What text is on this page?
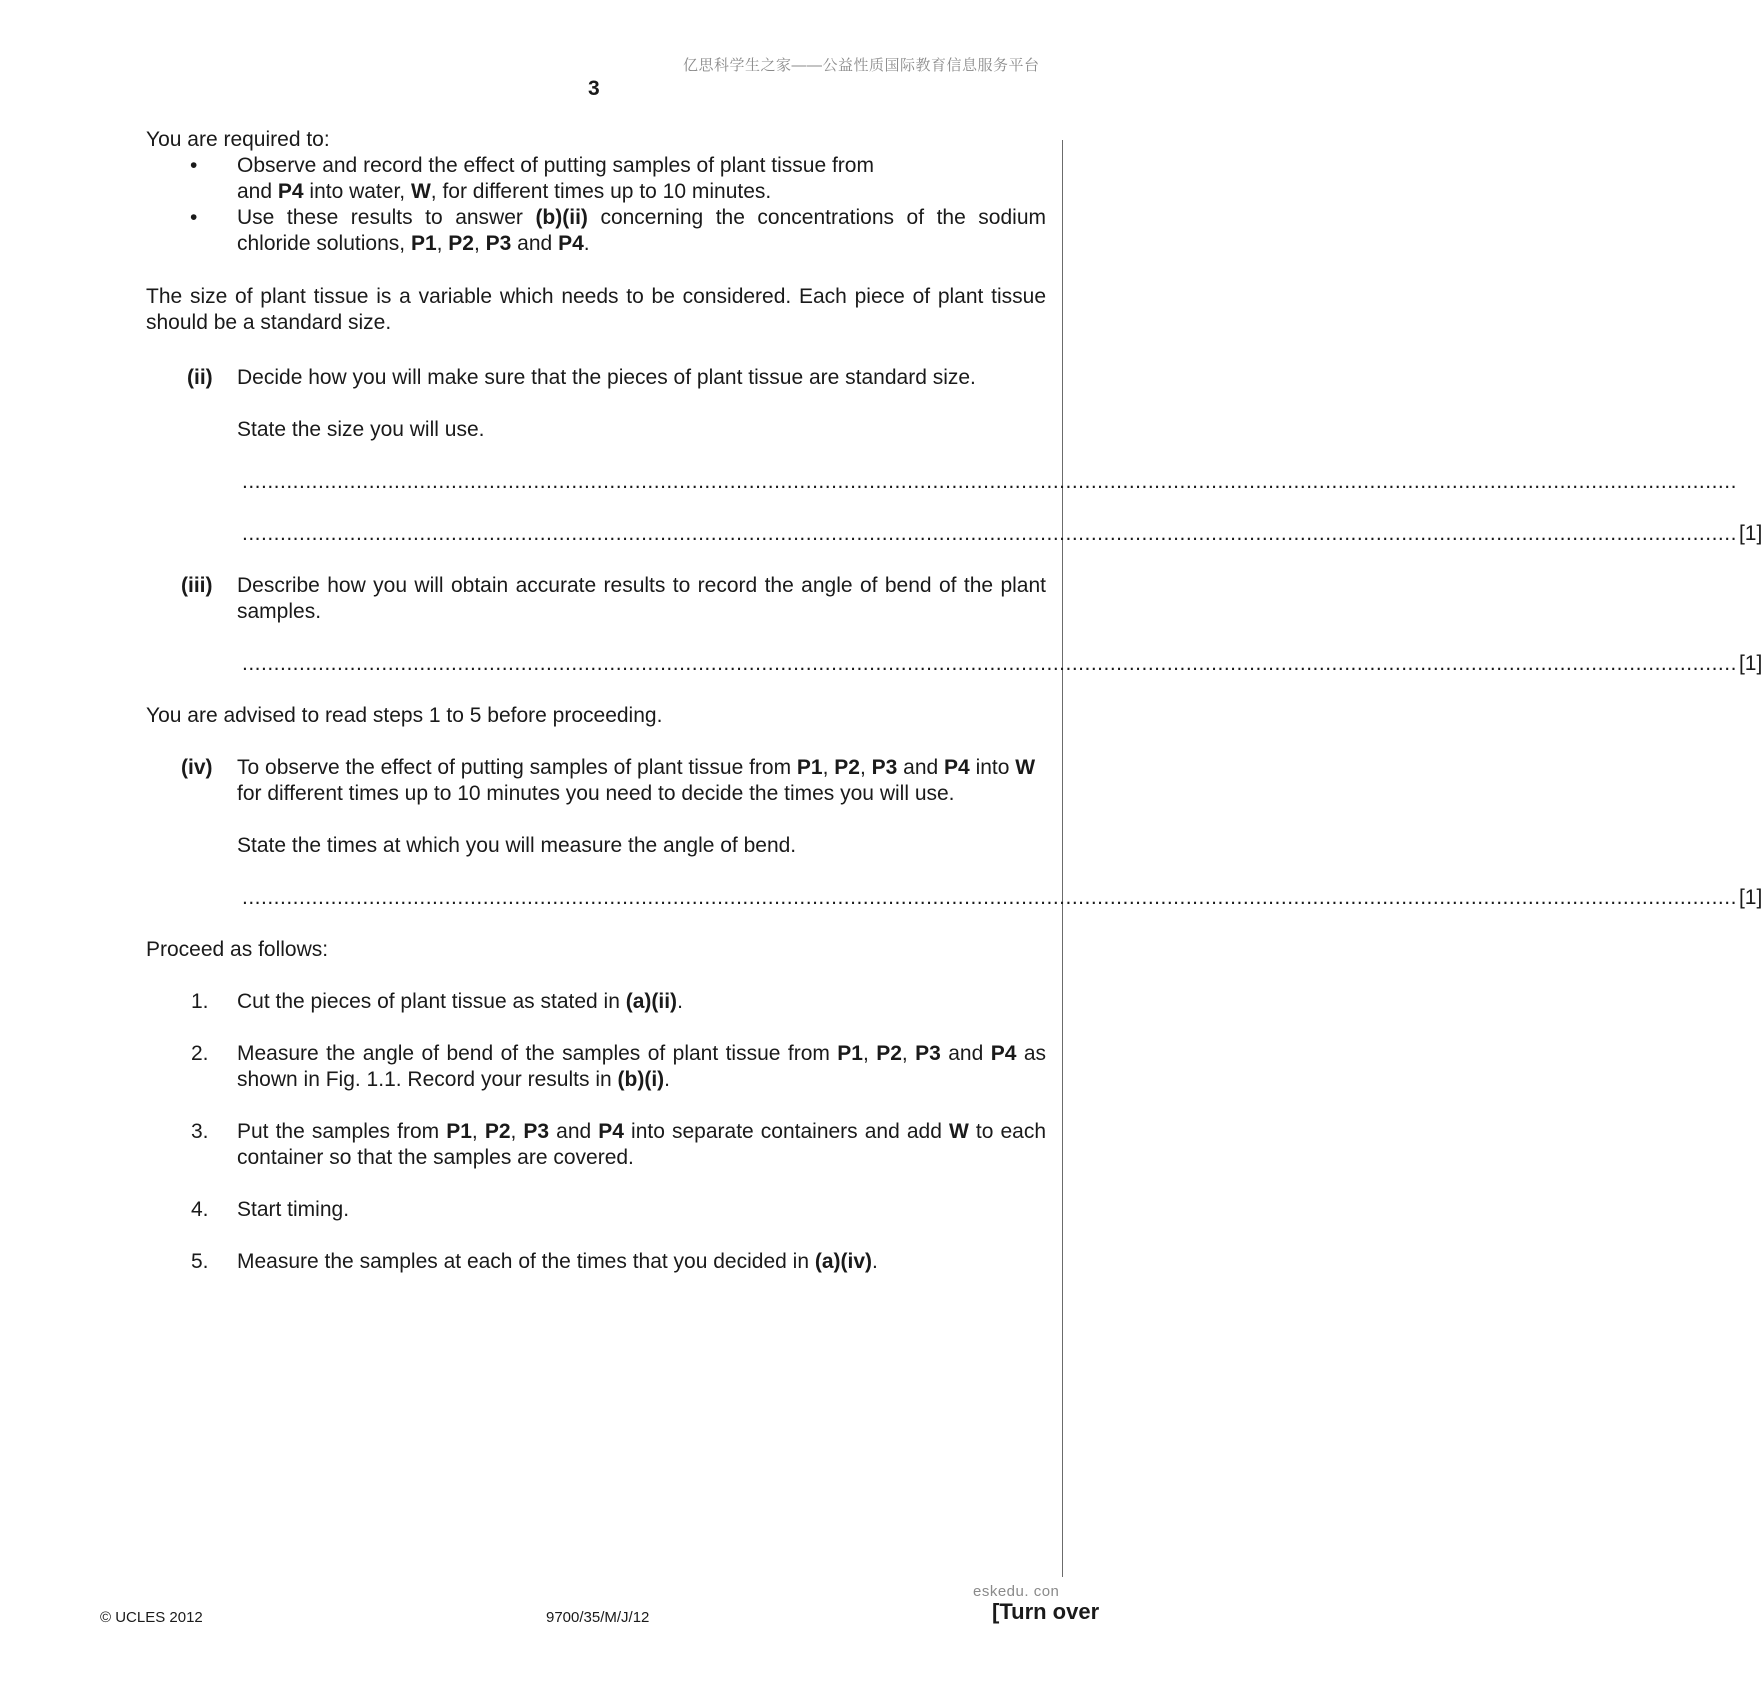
亿思科学生之家——公益性质国际教育信息服务平台
3
You are required to:
• Observe and record the effect of putting samples of plant tissue from
and P4 into water, W, for different times up to 10 minutes.
• Use these results to answer (b)(ii) concerning the concentrations of the sodium chloride solutions, P1, P2, P3 and P4.
The size of plant tissue is a variable which needs to be considered. Each piece of plant tissue should be a standard size.
(ii) Decide how you will make sure that the pieces of plant tissue are standard size.
State the size you will use.
............................................................................................................................................................................................................................................
............................................................................................................................................................................................................................................ [1]
(iii) Describe how you will obtain accurate results to record the angle of bend of the plant samples.
............................................................................................................................................................................................................................................ [1]
You are advised to read steps 1 to 5 before proceeding.
(iv) To observe the effect of putting samples of plant tissue from P1, P2, P3 and P4 into W for different times up to 10 minutes you need to decide the times you will use.
State the times at which you will measure the angle of bend.
............................................................................................................................................................................................................................................ [1]
Proceed as follows:
1. Cut the pieces of plant tissue as stated in (a)(ii).
2. Measure the angle of bend of the samples of plant tissue from P1, P2, P3 and P4 as shown in Fig. 1.1. Record your results in (b)(i).
3. Put the samples from P1, P2, P3 and P4 into separate containers and add W to each container so that the samples are covered.
4. Start timing.
5. Measure the samples at each of the times that you decided in (a)(iv).
© UCLES 2012	9700/35/M/J/12
eskedu. con
[Turn over
